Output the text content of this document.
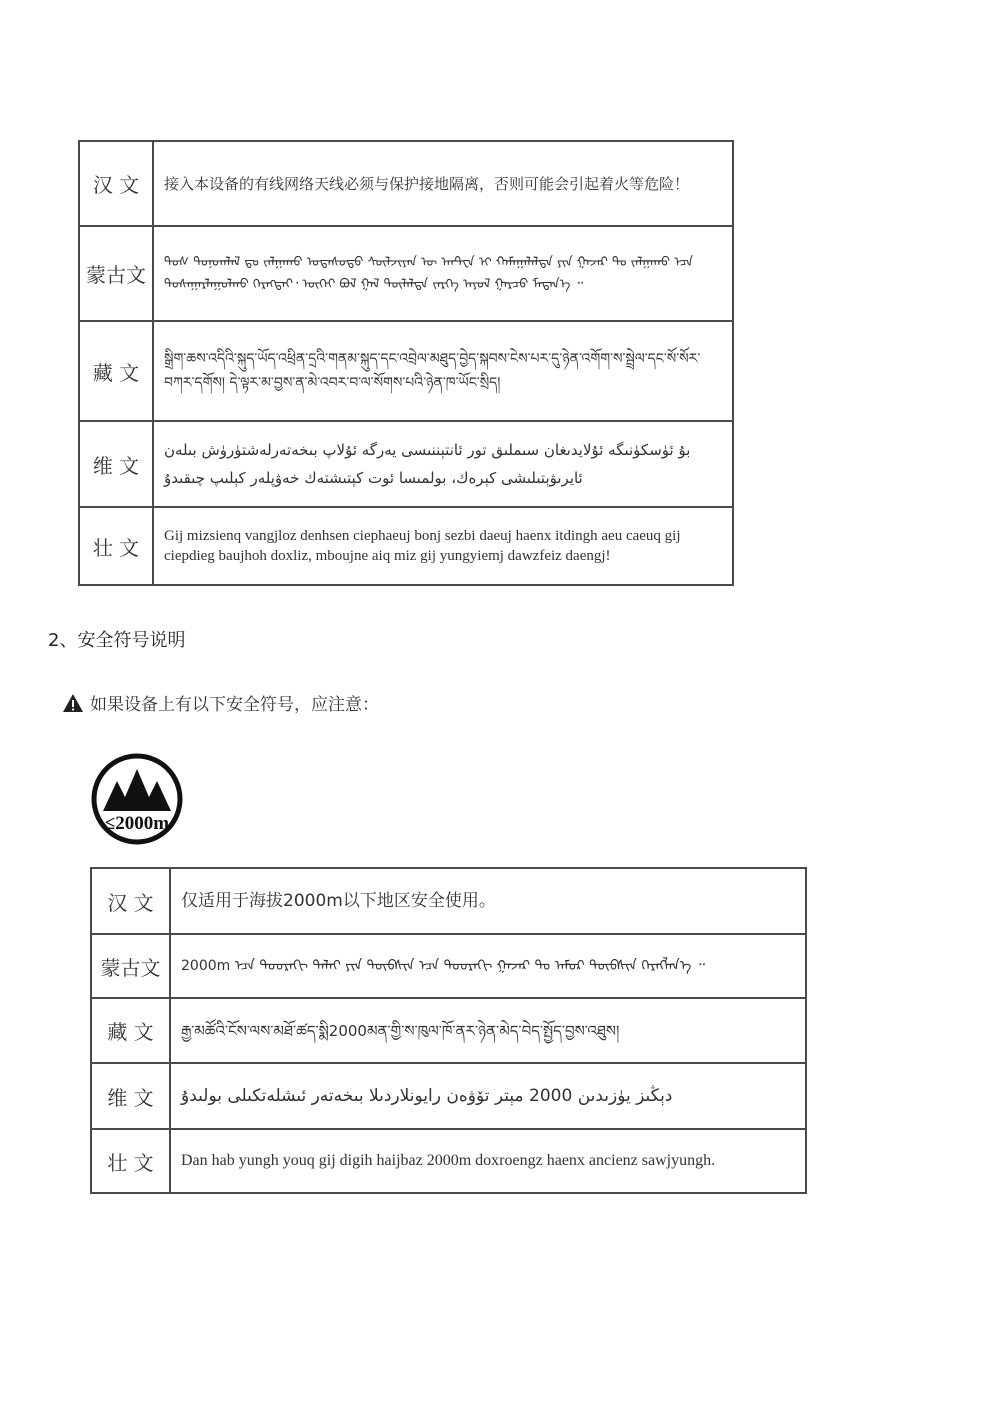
汉 文	接入本设备的有线网络天线必须与保护接地隔离，否则可能会引起着火等危险！
蒙古文	ᠲᠤᠰ ᠲᠣᠨᠤᠭᠯᠠᠯ ᠳᠤ ᠵᠠᠯᠭᠠᠬᠤ ᠤᠲᠠᠰᠤᠲᠤ ᠰᠦᠯᠵᠢᠶᠡᠨ ᠦ ᠠᠨᠲ᠋ᠧᠨ ᠢ ᠬᠠᠮᠠᠭᠠᠯᠠᠯᠲᠠ ᠶᠢᠨ ᠭᠠᠵᠠᠷ ᠲᠤ ᠵᠠᠯᠭᠠᠬᠤ ᠡᠴᠡ ᠲᠤᠰᠠᠭᠠᠷᠯᠠᠭᠤᠯᠬᠤ ᠬᠡᠷᠡᠭᠲᠡᠢ᠂ ᠦᠭᠡᠢ ᠪᠣᠯ ᠭᠠᠯ ᠲᠦᠯᠡᠯᠲᠡ ᠵᠡᠷᠭᠡ ᠠᠶᠤᠯ ᠭᠠᠷᠴᠤ ᠮᠡᠳᠡᠨ᠎ᠡ ᠃
藏 文	སྒྲིག་ཆས་འདིའི་སྐུད་ཡོད་འཕྲིན་དྲའི་གནམ་སྐུད་དང་འབྲེལ་མཐུད་བྱེད་སྐབས་ངེས་པར་དུ་ཉེན་འགོག་ས་སྦྲེལ་དང་སོ་སོར་བཀར་དགོས། དེ་ལྟར་མ་བྱས་ན་མེ་འབར་བ་ལ་སོགས་པའི་ཉེན་ཁ་ཡོང་སྲིད།
维 文	بۇ ئۈسكۈنىگە ئۇلايدىغان سىملىق تور ئانتېننىسى يەرگە ئۇلاپ بىخەتەرلەشتۈرۈش بىلەن ئايرىۋېتىلىشى كېرەك، بولمىسا ئوت كېتىشتەك خەۋپلەر كېلىپ چىقىدۇ
壮 文	Gij mizsienq vangjloz denhsen ciephaeuj bonj sezbi daeuj haenx itdingh aeu caeuq gij ciepdieg baujhoh doxliz, mboujne aiq miz gij yungyiemj dawzfeiz daengj!
2、安全符号说明
如果设备上有以下安全符号，应注意：
≤2000m
汉 文	仅适用于海拔2000m以下地区安全使用。
蒙古文	2000m ᠡᠴᠡ ᠳᠣᠣᠷᠠᠬᠢ ᠳᠠᠯᠠᠢ ᠶᠢᠨ ᠲᠦᠪᠰᠢᠨ ᠡᠴᠡ ᠳᠣᠣᠷᠠᠬᠢ ᠭᠠᠵᠠᠷ ᠲᠤ ᠠᠮᠤᠷ ᠲᠦᠪᠰᠢᠨ ᠬᠡᠷᠡᠭᠯᠡᠨ᠎ᠡ ᠃
藏 文	རྒྱ་མཚོའི་ངོས་ལས་མཐོ་ཚད་སྨི2000མན་གྱི་ས་ཁུལ་ཁོ་ནར་ཉེན་མེད་བེད་སྤྱོད་བྱས་འཐུས།
维 文	دېڭىز يۈزىدىن 2000 مېتر تۆۋەن رايونلاردىلا بىخەتەر ئىشلەتكىلى بولىدۇ
壮 文	Dan hab yungh youq gij digih haijbaz 2000m doxroengz haenx ancienz sawjyungh.
